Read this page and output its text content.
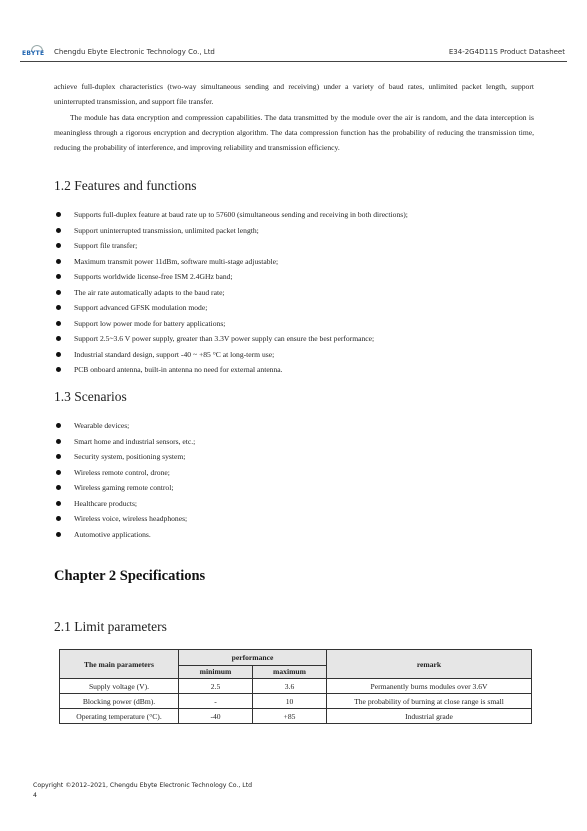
EBYTE Chengdu Ebyte Electronic Technology Co., Ltd	E34-2G4D11S Product Datasheet

achieve full-duplex characteristics (two-way simultaneous sending and receiving) under a variety of baud rates, unlimited packet length, support uninterrupted transmission, and support file transfer.

The module has data encryption and compression capabilities. The data transmitted by the module over the air is random, and the data interception is meaningless through a rigorous encryption and decryption algorithm. The data compression function has the probability of reducing the transmission time, reducing the probability of interference, and improving reliability and transmission efficiency.

1.2 Features and functions
Supports full-duplex feature at baud rate up to 57600 (simultaneous sending and receiving in both directions);
Support uninterrupted transmission, unlimited packet length;
Support file transfer;
Maximum transmit power 11dBm, software multi-stage adjustable;
Supports worldwide license-free ISM 2.4GHz band;
The air rate automatically adapts to the baud rate;
Support advanced GFSK modulation mode;
Support low power mode for battery applications;
Support 2.5~3.6 V power supply, greater than 3.3V power supply can ensure the best performance;
Industrial standard design, support -40 ~ +85 °C at long-term use;
PCB onboard antenna, built-in antenna no need for external antenna.
1.3 Scenarios
Wearable devices;
Smart home and industrial sensors, etc.;
Security system, positioning system;
Wireless remote control, drone;
Wireless gaming remote control;
Healthcare products;
Wireless voice, wireless headphones;
Automotive applications.
Chapter 2 Specifications
2.1 Limit parameters
The main parameters	performance		remark
	minimum	maximum	
Supply voltage (V).	2.5	3.6	Permanently burns modules over 3.6V
Blocking power (dBm).	-	10	The probability of burning at close range is small
Operating temperature (°C).	-40	+85	Industrial grade
Copyright ©2012–2021, Chengdu Ebyte Electronic Technology Co., Ltd
4
